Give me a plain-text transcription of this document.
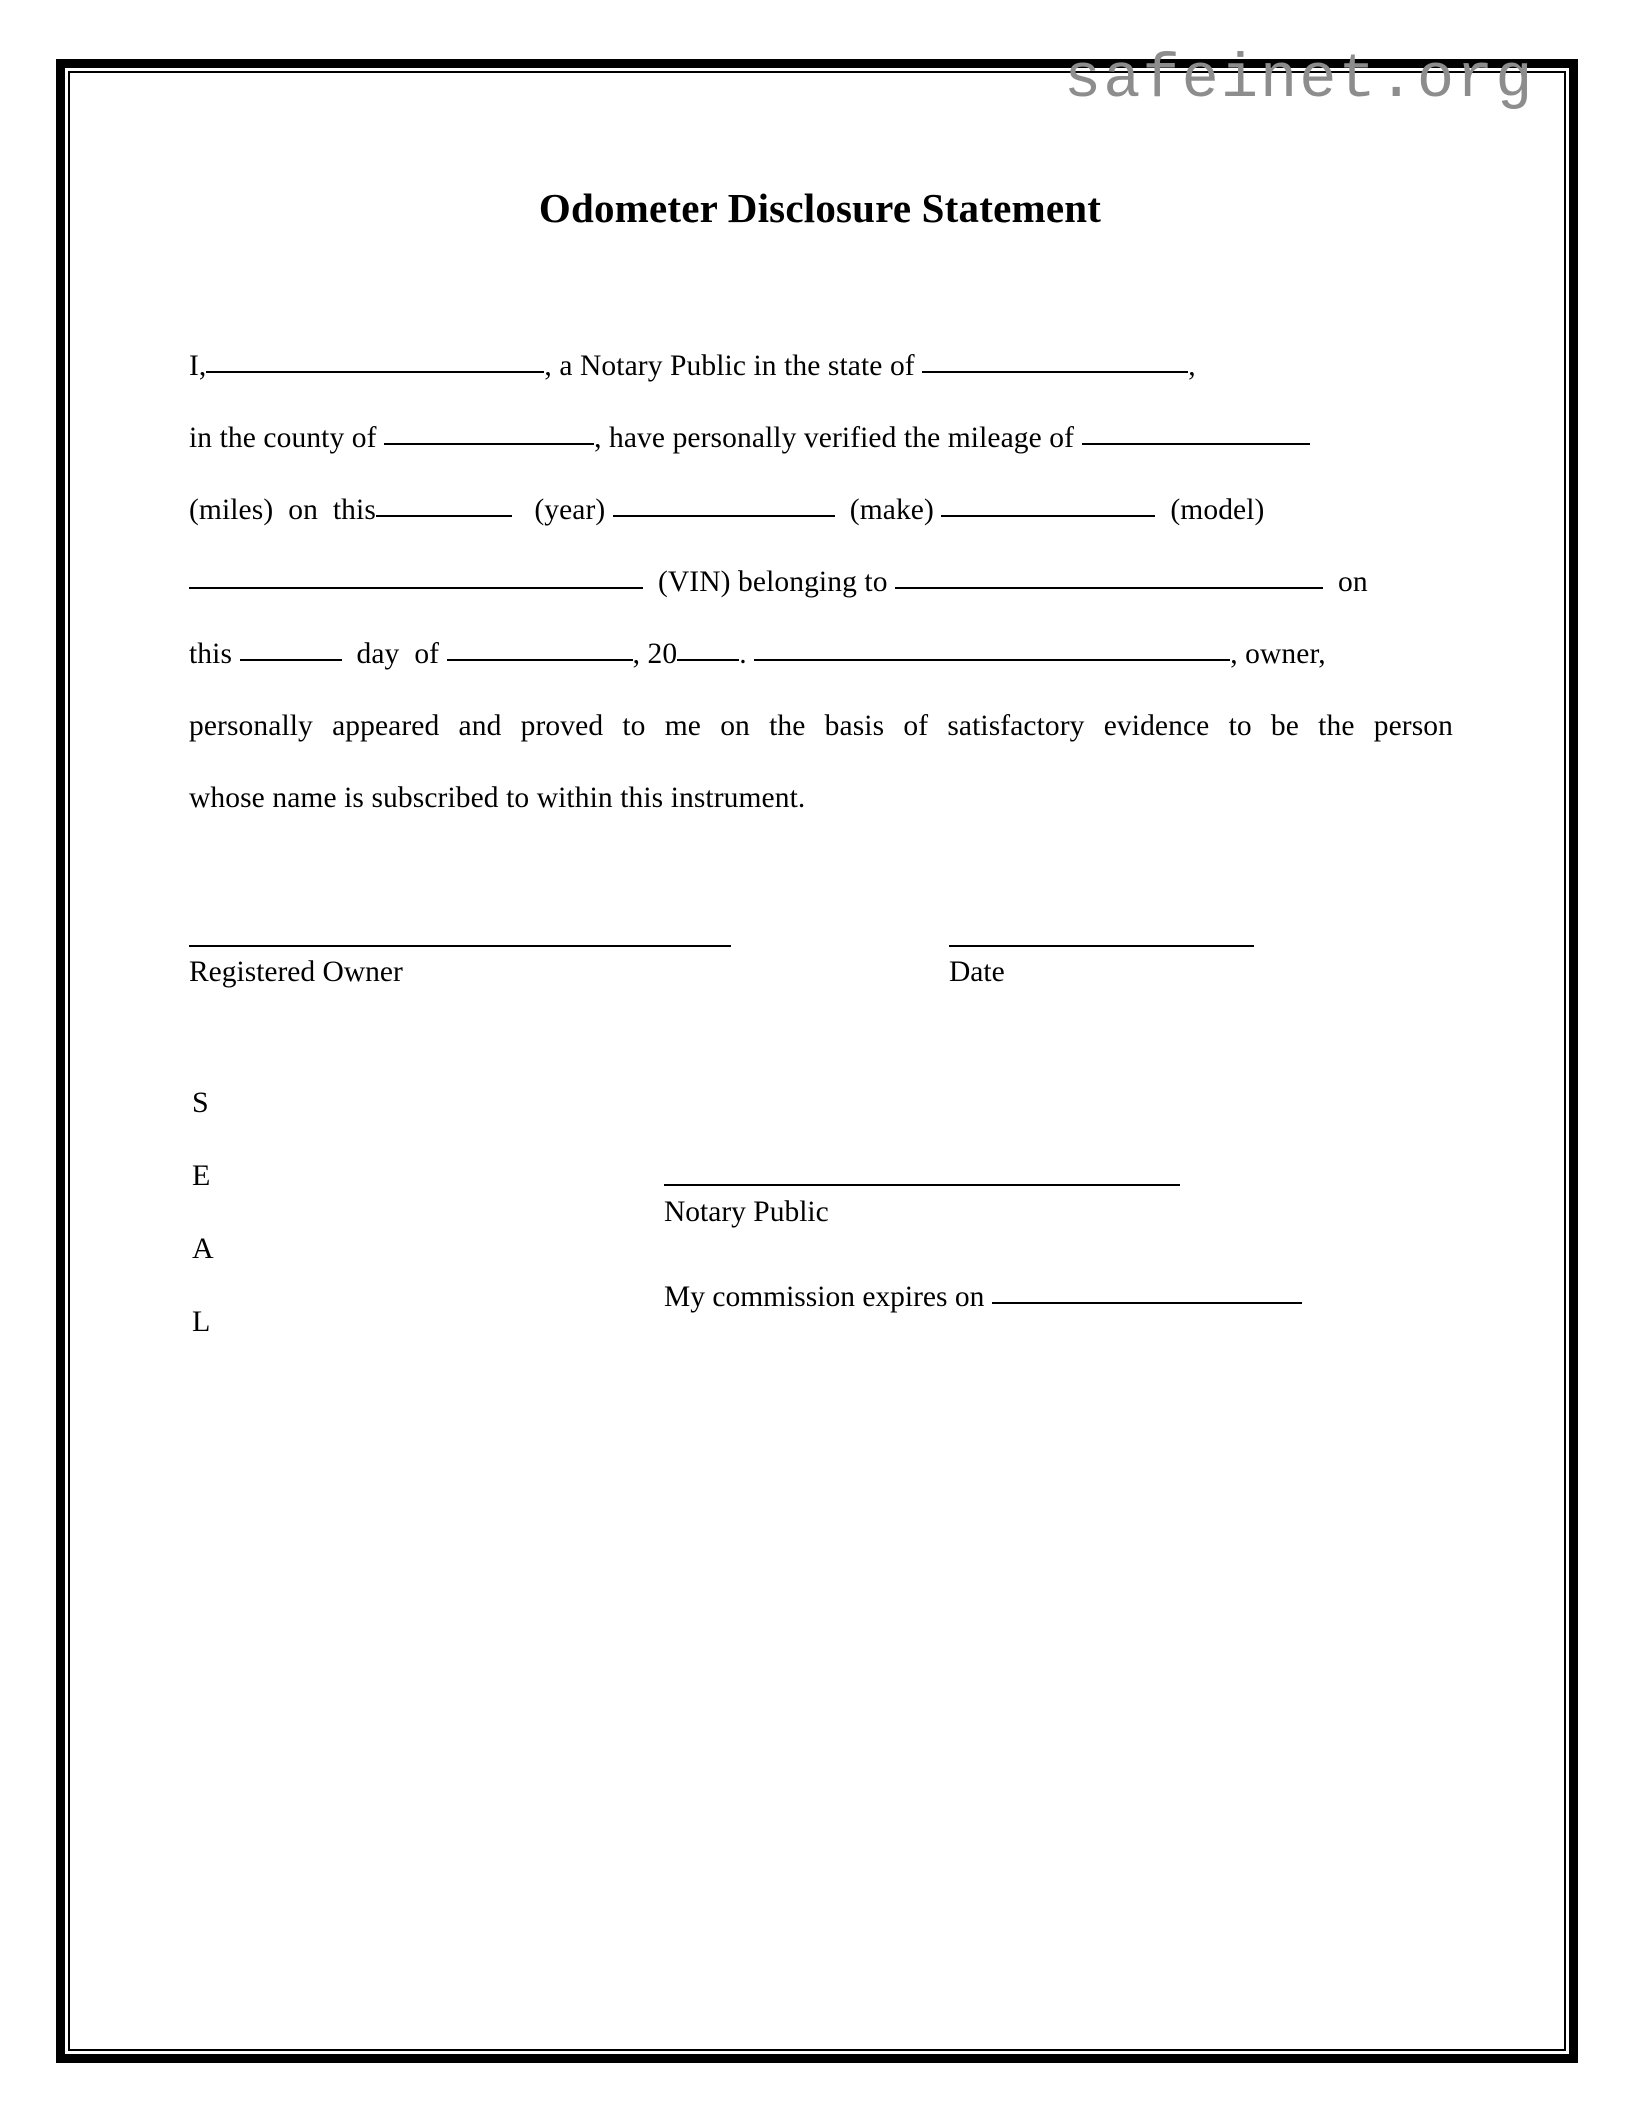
safeinet.org
Odometer Disclosure Statement
I,	, a Notary Public in the state of	,
in the county of	, have personally verified the mileage of
(miles) on this	(year)	(make)	(model)
(VIN) belonging to	on
this	day of	, 20 .	, owner,
personally appeared and proved to me on the basis of satisfactory evidence to be the person
whose name is subscribed to within this instrument.
Registered Owner	Date
S
E
A
L
Notary Public
My commission expires on
